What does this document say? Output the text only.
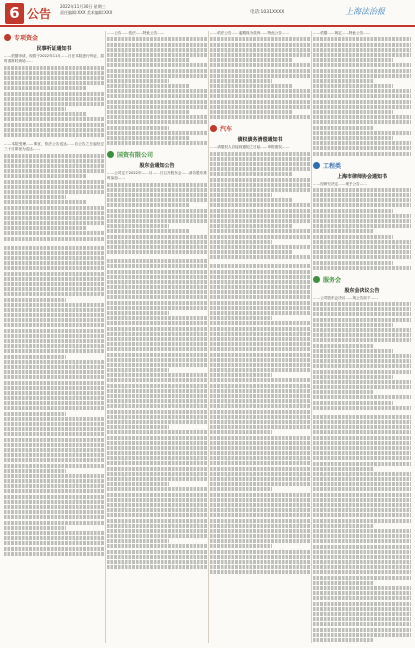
6 公告
2022年11月30日 星期三
责任编辑:XXX 美术编辑:XXX	电话:1031XXXX	上海法治报
专项资金
民事听证通知书
……依据申请，现将于2022年11月……日在本院进行听证，届时请准时到场……
……本院受理……事宜，依法公告送达……自公告之日起经过三十日即视为送达……
……公告……依法……特此公告……
国资有限公司
股东会通知公告
……公司定于2022年……月……日召开股东会……请各股东准时参加……
……依法公告……逾期视为放弃……特此公告……
汽车
债权债务清偿通知书
……请债权人自接到通知之日起……申报债权……
……依据……规定……特此公告……
工程类
上海市律师协会通知书
……经研究决定……现予公告……
服务会
股东会决议公告
……公司股东会决议……现公告如下……
